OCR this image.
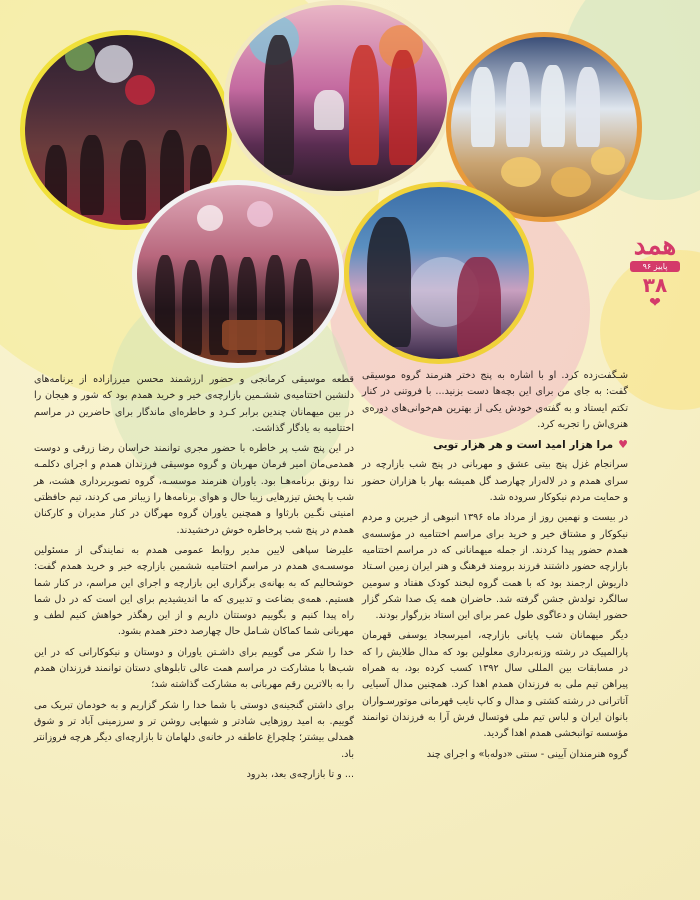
همد
پاییز ۹۶
۳۸
❤

شـگفت‌زده کرد. او با اشاره به پنج دختر هنرمند گروه موسیقی گفت: به جای من برای این بچه‌ها دست بزنید... با فروتنی در کنار تکتم ایستاد و به گفته‌ی خودش یکی از بهترین هم‌خوانی‌های دوره‌ی هنری‌اش را تجربه کرد.

♥
مرا هزار امید است و هر هزار تویی

سرانجام غزل پنج بیتی عشق و مهربانی در پنج شب بازارچه در سرای همدم و در لاله‌زار چهارصد گل همیشه بهار با هزاران حضور و حمایت مردم نیکوکار سروده شد.

در بیست و نهمین روز از مرداد ماه ۱۳۹۶ انبوهی از خیرین و مردم نیکوکار و مشتاق خیر و خرید برای مراسم اختتامیه در مؤسسه‌ی همدم حضور پیدا کردند. از جمله میهمانانی که در مراسم اختتامیه بازارچه حضور داشتند فرزند برومند فرهنگ و هنر ایران زمین اسـتاد داریوش ارجمند بود که با همت گروه لبخند کودک هفتاد و سومین سالگرد تولدش جشن گرفته شد. حاضران همه یک صدا شکر گزار حضور ایشان و دعاگوی طول عمر برای این استاد بزرگوار بودند.

دیگر میهمانان شب پایانی بازارچه، امیرسجاد یوسفی قهرمان پارالمپیک در رشته وزنه‌برداری معلولین بود که مدال طلایش را که در مسابقات بین المللی سال ۱۳۹۲ کسب کرده بود، به همراه پیراهن تیم ملی به فرزندان همدم اهدا کرد. همچنین مدال آسیایی آتاترانی در رشته کشتی و مدال و کاپ نایب قهرمانی موتورسـواران بانوان ایران و لباس تیم ملی فوتسال فرش آرا به فرزندان توانمند مؤسسه توانبخشی همدم اهدا گردید.

گروه هنرمندان آیینی - سنتی «دوله‌با» و اجرای چند

قطعه موسیقی کرمانجی و حضور ارزشمند محسن میرزازاده از برنامه‌های دلنشین اختتامیه‌ی ششـمین بازارچه‌ی خیر و خرید همدم بود که شور و هیجان را در بین میهمانان چندین برابر کـرد و خاطره‌ای ماندگار برای حاضرین در مراسم اختتامیه به یادگار گذاشت.

در این پنج شب پر خاطره با حضور مجری توانمند خراسان رضا زرقی و دوست همدمی‌مان امیر فرمان مهربان و گروه موسیقی فرزندان همدم و اجرای دکلمـه ندا رونق برنامه‌هـا بود. یاوران هنرمند موسسـه، گروه تصویربرداری هشت، هر شب با پخش تیزرهایی زیبا حال و هوای برنامه‌ها را زیباتر می کردند، تیم حافظتی امنیتی نگـین بارثاوا و همچنین یاوران گروه مهرگان در کنار مدیران و کارکنان همدم در پنج شب پرخاطره خوش درخشیدند.

علیرضا سپاهی لایین مدیر روابط عمومی همدم به نمایندگی از مسئولین موسسـه‌ی همدم در مراسم اختتامیه ششمین بازارچه خیر و خرید همدم گفت: خوشحالیم که به بهانه‌ی برگزاری این بازارچه و اجرای این مراسم، در کنار شما هستیم. همه‌ی بضاعت و تدبیری که ما اندیشیدیم برای این است که در دل شما راه پیدا کنیم و بگوییم دوستتان داریم و از این رهگذر خواهش کنیم لطف و مهربانی شما کماکان شـامل حال چهارصد دختر همدم بشود.

خدا را شکر می گوییم برای داشـتن یاوران و دوستان و نیکوکارانی که در این شب‌ها با مشارکت در مراسم همت عالی تابلوهای دستان توانمند فرزندان همدم را به بالاترین رقم مهربانی به مشارکت گذاشته شد؛

برای داشتن گنجینه‌ی دوستی با شما خدا را شکر گزاریم و به خودمان تبریک می گوییم. به امید روزهایی شادتر و شبهایی روشن تر و سرزمینی آباد تر و شوق همدلی بیشتر؛ چلچراغ عاطفه در خانه‌ی دلهامان تا بازارچه‌ای دیگر هرچه فروزانتر باد.

... و تا بازارچه‌ی بعد، بدرود
